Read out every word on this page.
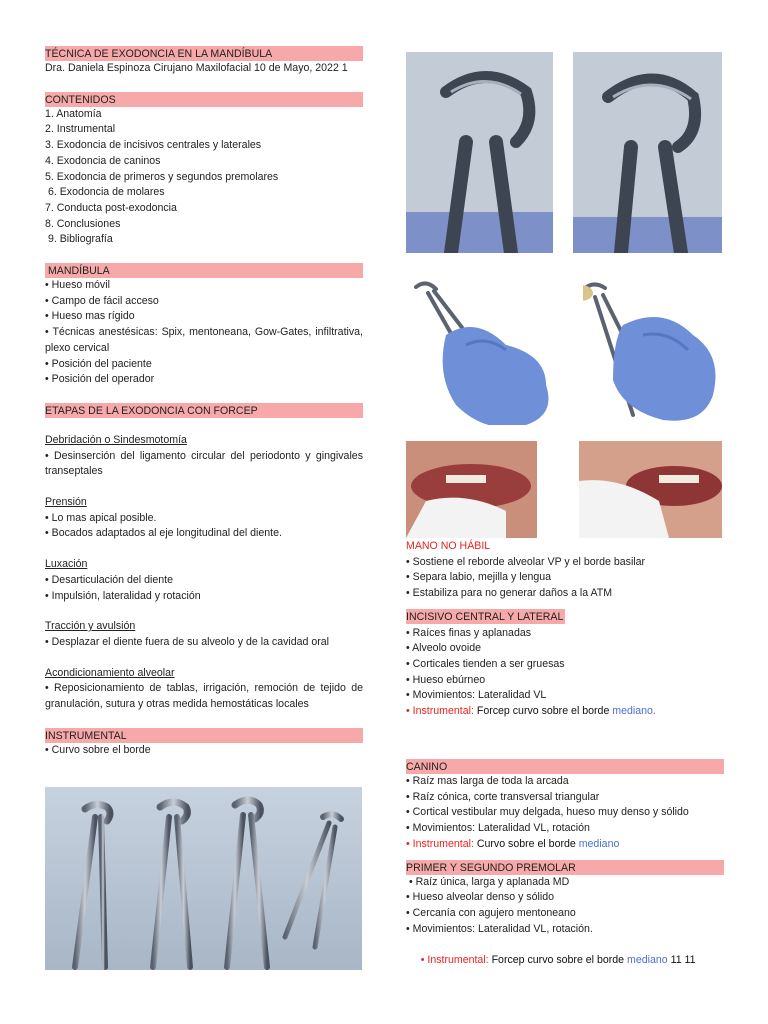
TÉCNICA DE EXODONCIA EN LA MANDÍBULA
Dra. Daniela Espinoza Cirujano Maxilofacial 10 de Mayo, 2022 1
CONTENIDOS
1. Anatomía
2. Instrumental
3. Exodoncia de incisivos centrales y laterales
4. Exodoncia de caninos
5. Exodoncia de primeros y segundos premolares
6. Exodoncia de molares
7. Conducta post-exodoncia
8. Conclusiones
9. Bibliografía
MANDÍBULA
• Hueso móvil
• Campo de fácil acceso
• Hueso mas rígido
• Técnicas anestésicas: Spix, mentoneana, Gow-Gates, infiltrativa, plexo cervical
• Posición del paciente
• Posición del operador
ETAPAS DE LA EXODONCIA CON FORCEP
Debridación o Sindesmotomía
• Desinserción del ligamento circular del periodonto y gingivales transeptales
Prensión
• Lo mas apical posible.
• Bocados adaptados al eje longitudinal del diente.
Luxación
• Desarticulación del diente
• Impulsión, lateralidad y rotación
Tracción y avulsión
• Desplazar el diente fuera de su alveolo y de la cavidad oral
Acondicionamiento alveolar
• Reposicionamiento de tablas, irrigación, remoción de tejido de granulación, sutura y otras medida hemostáticas locales
INSTRUMENTAL
• Curvo sobre el borde
MANO NO HÁBIL
• Sostiene el reborde alveolar VP y el borde basilar
• Separa labio, mejilla y lengua
• Estabiliza para no generar daños a la ATM
INCISIVO CENTRAL Y LATERAL
• Raíces finas y aplanadas
• Alveolo ovoide
• Corticales tienden a ser gruesas
• Hueso ebúrneo
• Movimientos: Lateralidad VL
• Instrumental: Forcep curvo sobre el borde mediano.
CANINO
• Raíz mas larga de toda la arcada
• Raíz cónica, corte transversal triangular
• Cortical vestibular muy delgada, hueso muy denso y sólido
• Movimientos: Lateralidad VL, rotación
• Instrumental: Curvo sobre el borde mediano
PRIMER Y SEGUNDO PREMOLAR
• Raíz única, larga y aplanada MD
• Hueso alveolar denso y sólido
• Cercanía con agujero mentoneano
• Movimientos: Lateralidad VL, rotación.

• Instrumental: Forcep curvo sobre el borde mediano 11 11
